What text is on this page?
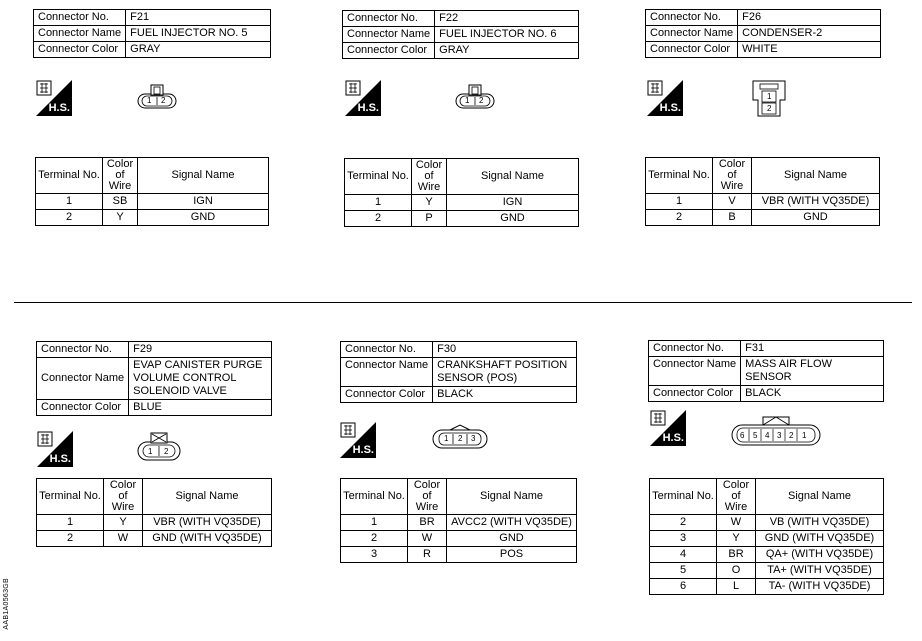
Connector No.	F21
Connector Name	FUEL INJECTOR NO. 5
Connector Color	GRAY
H.S.
1 2
Terminal No.	Color of Wire	Signal Name
1	SB	IGN
2	Y	GND
Connector No.	F22
Connector Name	FUEL INJECTOR NO. 6
Connector Color	GRAY
H.S.
1 2
Terminal No.	Color of Wire	Signal Name
1	Y	IGN
2	P	GND
Connector No.	F26
Connector Name	CONDENSER-2
Connector Color	WHITE
H.S.
1
2
Terminal No.	Color of Wire	Signal Name
1	V	VBR (WITH VQ35DE)
2	B	GND
Connector No.	F29
Connector Name	EVAP CANISTER PURGE VOLUME CONTROL SOLENOID VALVE
Connector Color	BLUE
H.S.
1 2
Terminal No.	Color of Wire	Signal Name
1	Y	VBR (WITH VQ35DE)
2	W	GND (WITH VQ35DE)
Connector No.	F30
Connector Name	CRANKSHAFT POSITION SENSOR (POS)
Connector Color	BLACK
H.S.
1 2 3
Terminal No.	Color of Wire	Signal Name
1	BR	AVCC2 (WITH VQ35DE)
2	W	GND
3	R	POS
Connector No.	F31
Connector Name	MASS AIR FLOW SENSOR
Connector Color	BLACK
H.S.	6 5 4 3 2 1
Terminal No.	Color of Wire	Signal Name
2	W	VB (WITH VQ35DE)
3	Y	GND (WITH VQ35DE)
4	BR	QA+ (WITH VQ35DE)
5	O	TA+ (WITH VQ35DE)
6	L	TA- (WITH VQ35DE)
AAB1A0563GB
